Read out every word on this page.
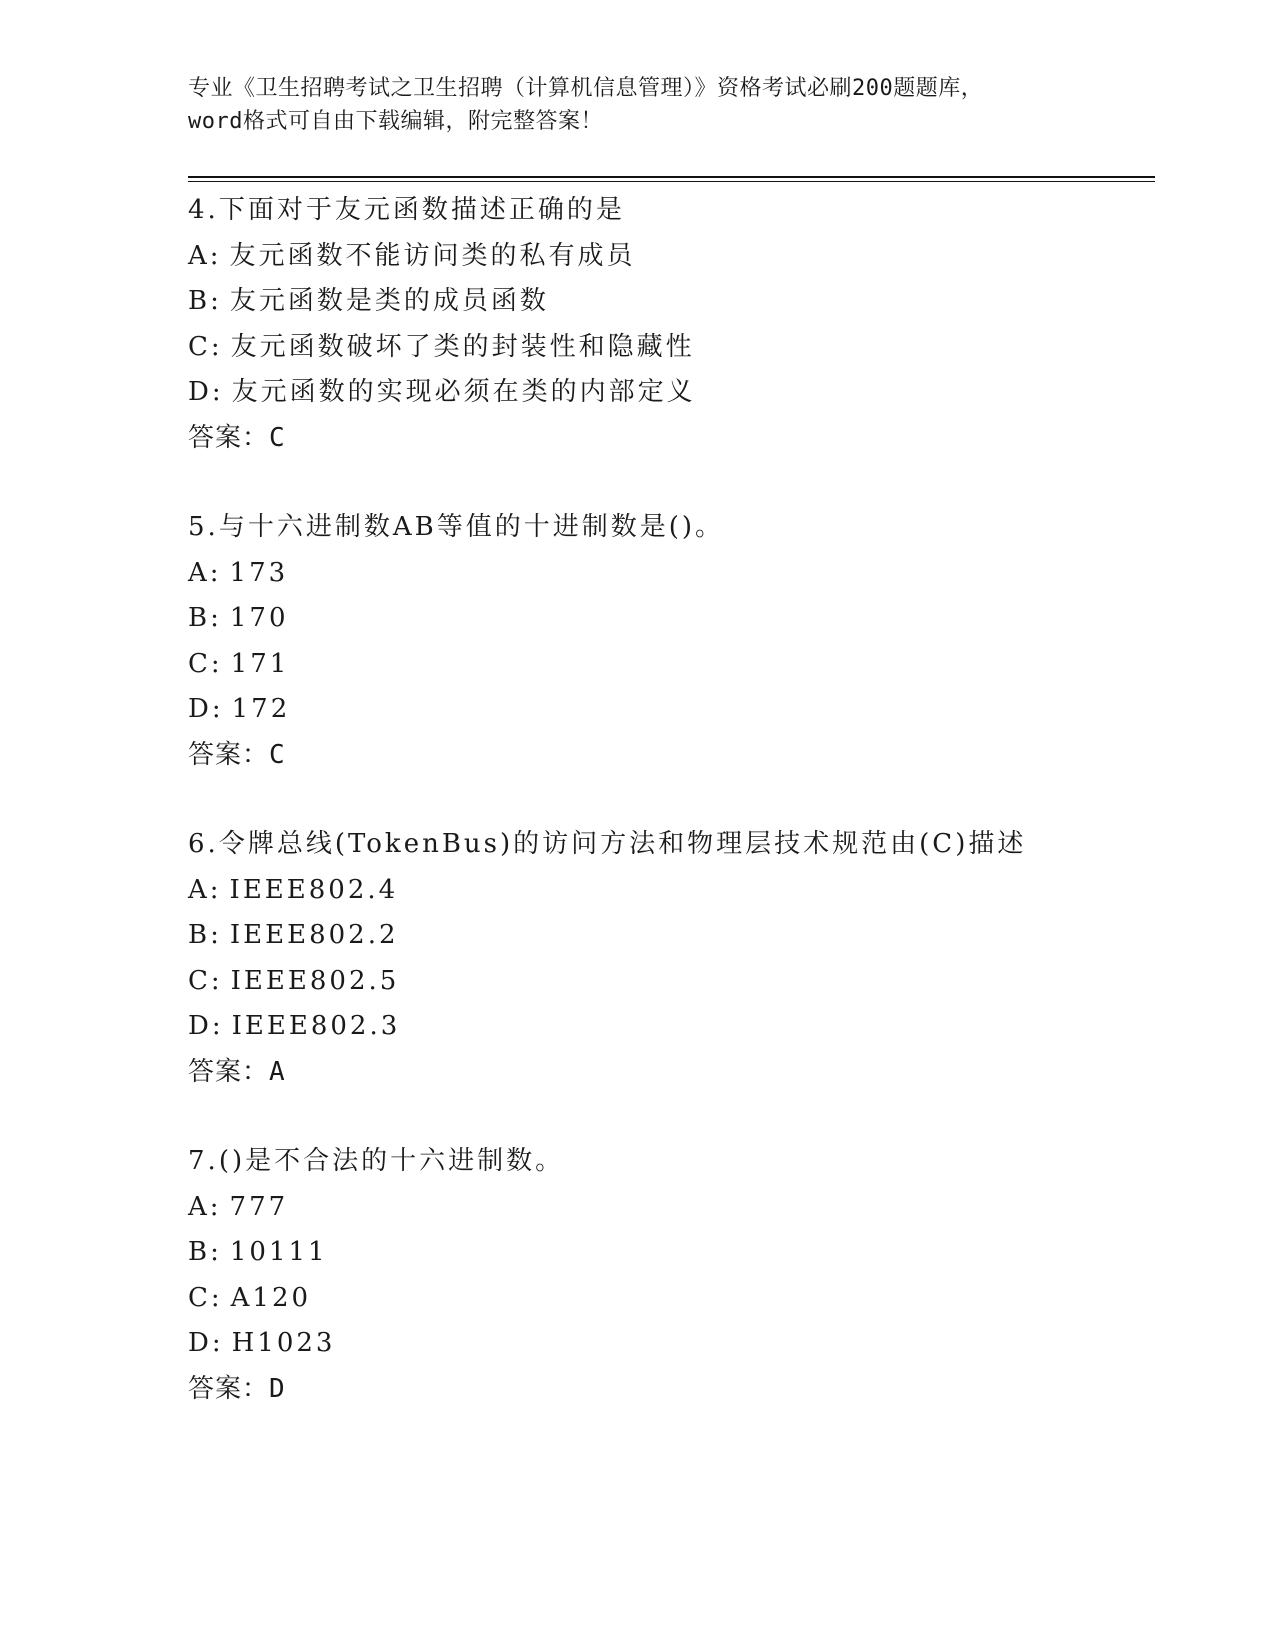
专业《卫生招聘考试之卫生招聘（计算机信息管理）》资格考试必刷200题题库，
word格式可自由下载编辑，附完整答案！
4.下面对于友元函数描述正确的是
A: 友元函数不能访问类的私有成员
B: 友元函数是类的成员函数
C: 友元函数破坏了类的封装性和隐藏性
D: 友元函数的实现必须在类的内部定义
答案：C
5.与十六进制数AB等值的十进制数是()。
A: 173
B: 170
C: 171
D: 172
答案：C
6.令牌总线(TokenBus)的访问方法和物理层技术规范由(C)描述
A: IEEE802.4
B: IEEE802.2
C: IEEE802.5
D: IEEE802.3
答案：A
7.()是不合法的十六进制数。
A: 777
B: 10111
C: A120
D: H1023
答案：D
